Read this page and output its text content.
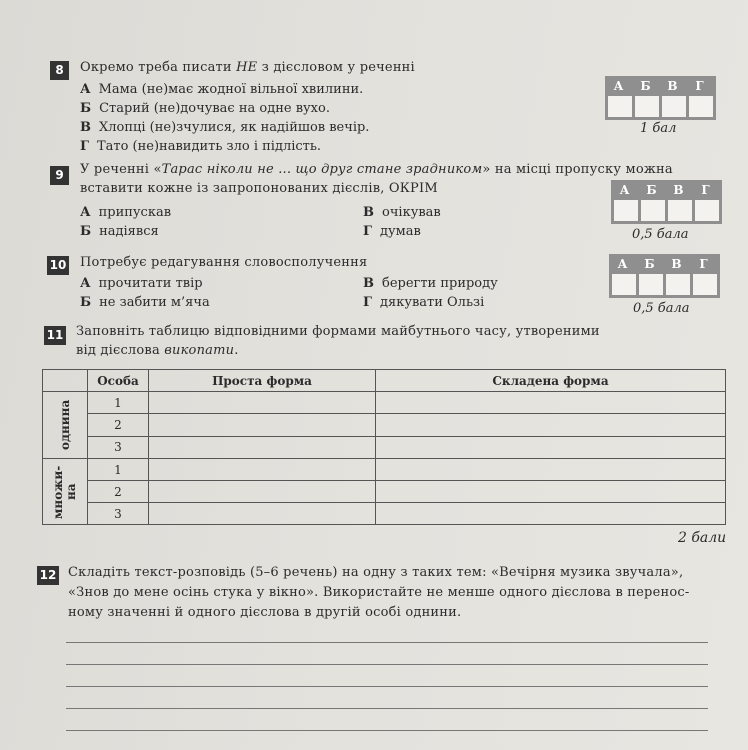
8	Окремо треба писати НЕ з дієсловом у реченні
А Мама (не)має жодної вільної хвилини.
Б Старий (не)дочуває на одне вухо.
В Хлопці (не)зчулися, як надійшов вечір.
Г Тато (не)навидить зло і підлість.
А	Б	В	Г
1 бал
9	У реченні «Тарас ніколи не ... що друг стане зрадником» на місці пропуску можна
вставити кожне із запропонованих дієслів, ОКРІМ
А припускав
Б надіявся
В очікував
Г думав
А	Б	В	Г
0,5 бала
10 Потребує редагування словосполучення
А прочитати твір
Б не забити м’яча
В берегти природу
Г дякувати Ользі
А	Б	В	Г
0,5 бала
11 Заповніть таблицю відповідними формами майбутнього часу, утвореними
від дієслова викопати.
	Особа	Проста форма	Складена форма

однина	1		
	2		
	3		

множи-на	1		
	2		
	3		
2 бали
12 Складіть текст-розповідь (5–6 речень) на одну з таких тем: «Вечірня музика звучала»,
«Знов до мене осінь стука у вікно». Використайте не менше одного дієслова в перенос-
ному значенні й одного дієслова в другій особі однини.
